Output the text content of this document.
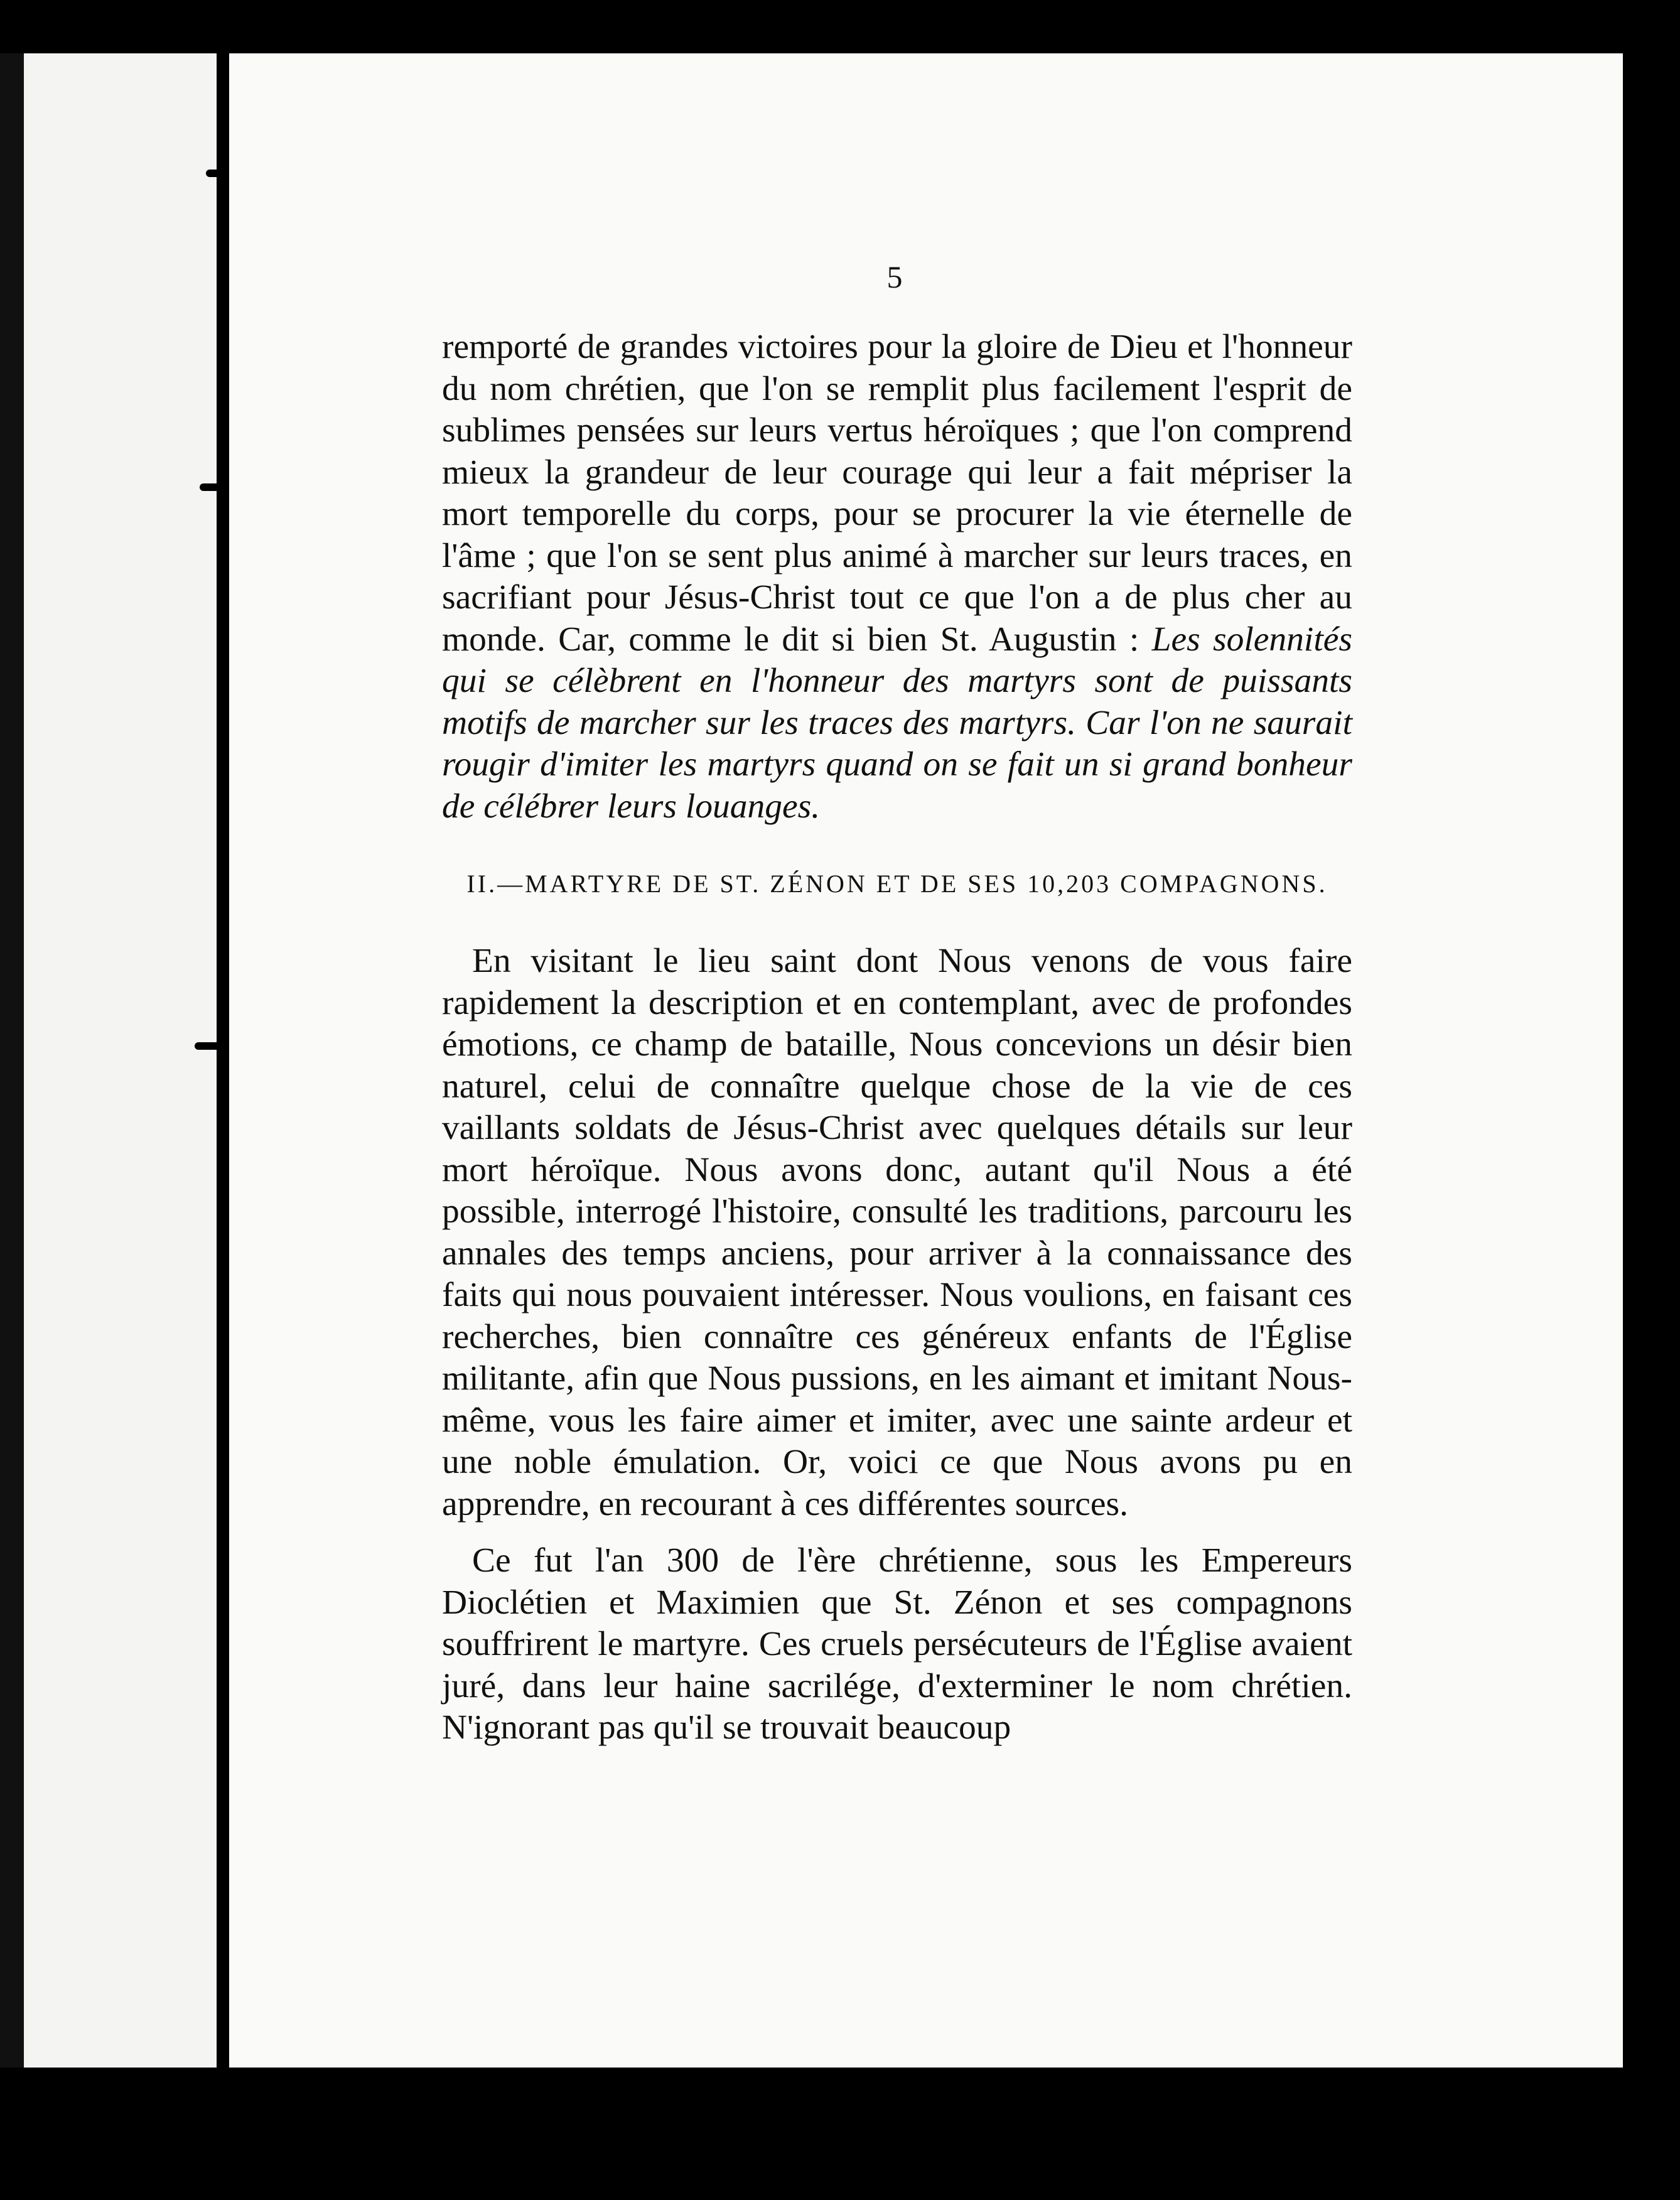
5

remporté de grandes victoires pour la gloire de Dieu et l'honneur du nom chrétien, que l'on se remplit plus facilement l'esprit de sublimes pensées sur leurs vertus héroïques ; que l'on comprend mieux la grandeur de leur courage qui leur a fait mépriser la mort temporelle du corps, pour se procurer la vie éternelle de l'âme ; que l'on se sent plus animé à marcher sur leurs traces, en sacrifiant pour Jésus-Christ tout ce que l'on a de plus cher au monde. Car, comme le dit si bien St. Augustin : Les solennités qui se célèbrent en l'honneur des martyrs sont de puissants motifs de marcher sur les traces des martyrs. Car l'on ne saurait rougir d'imiter les martyrs quand on se fait un si grand bonheur de célébrer leurs louanges.

II.—MARTYRE DE ST. ZÉNON ET DE SES 10,203 COMPAGNONS.

En visitant le lieu saint dont Nous venons de vous faire rapidement la description et en contemplant, avec de profondes émotions, ce champ de bataille, Nous concevions un désir bien naturel, celui de connaître quelque chose de la vie de ces vaillants soldats de Jésus-Christ avec quelques détails sur leur mort héroïque. Nous avons donc, autant qu'il Nous a été possible, interrogé l'histoire, consulté les traditions, parcouru les annales des temps anciens, pour arriver à la connaissance des faits qui nous pouvaient intéresser. Nous voulions, en faisant ces recherches, bien connaître ces généreux enfants de l'Église militante, afin que Nous pussions, en les aimant et imitant Nous-même, vous les faire aimer et imiter, avec une sainte ardeur et une noble émulation. Or, voici ce que Nous avons pu en apprendre, en recourant à ces différentes sources.

Ce fut l'an 300 de l'ère chrétienne, sous les Empereurs Dioclétien et Maximien que St. Zénon et ses compagnons souffrirent le martyre. Ces cruels persécuteurs de l'Église avaient juré, dans leur haine sacrilége, d'exterminer le nom chrétien. N'ignorant pas qu'il se trouvait beaucoup
